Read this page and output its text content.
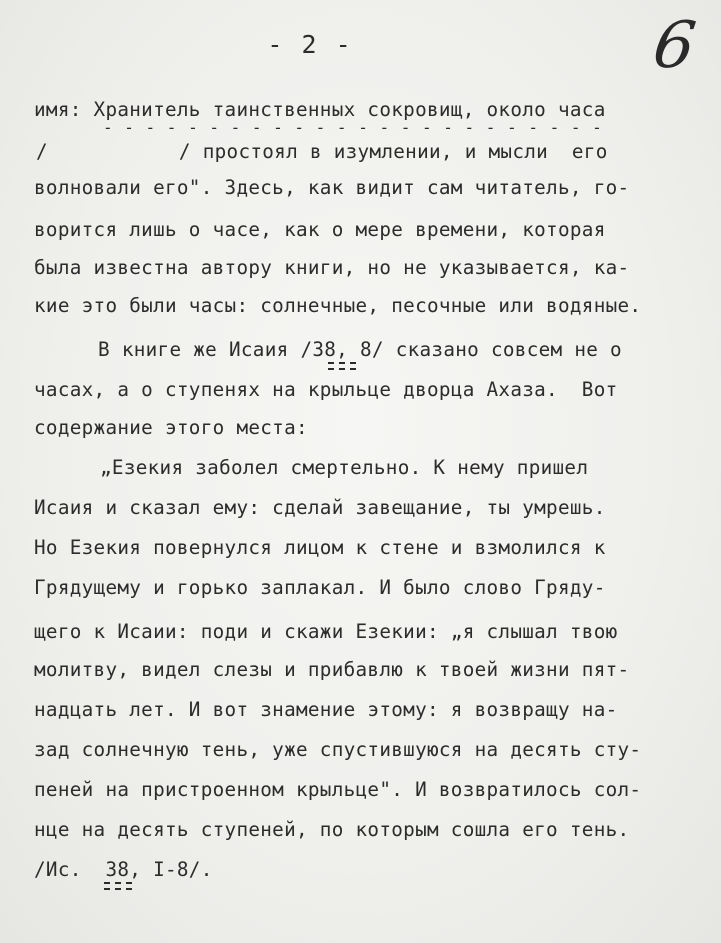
- 2 -	6
имя: Хранитель таинственных сокровищ, около часа
- - - - - - - - - - - - - - - - - - - - - - - -
/           / простоял в изумлении, и мысли  его
волновали его". Здесь, как видит сам читатель, го-
ворится лишь о часе, как о мере времени, которая
была известна автору книги, но не указывается, ка-
кие это были часы: солнечные, песочные или водяные.
В книге же Исаия /38, 8/ сказано совсем не о
часах, а о ступенях на крыльце дворца Ахаза.  Вот
содержание этого места:
„Езекия заболел смертельно. К нему пришел
Исаия и сказал ему: сделай завещание, ты умрешь.
Но Езекия повернулся лицом к стене и взмолился к
Грядущему и горько заплакал. И было слово Гряду-
щего к Исаии: поди и скажи Езекии: „я слышал твою
молитву, видел слезы и прибавлю к твоей жизни пят-
надцать лет. И вот знамение этому: я возвращу на-
зад солнечную тень, уже спустившуюся на десять сту-
пеней на пристроенном крыльце". И возвратилось сол-
нце на десять ступеней, по которым сошла его тень.
/Ис.  38, I-8/.
